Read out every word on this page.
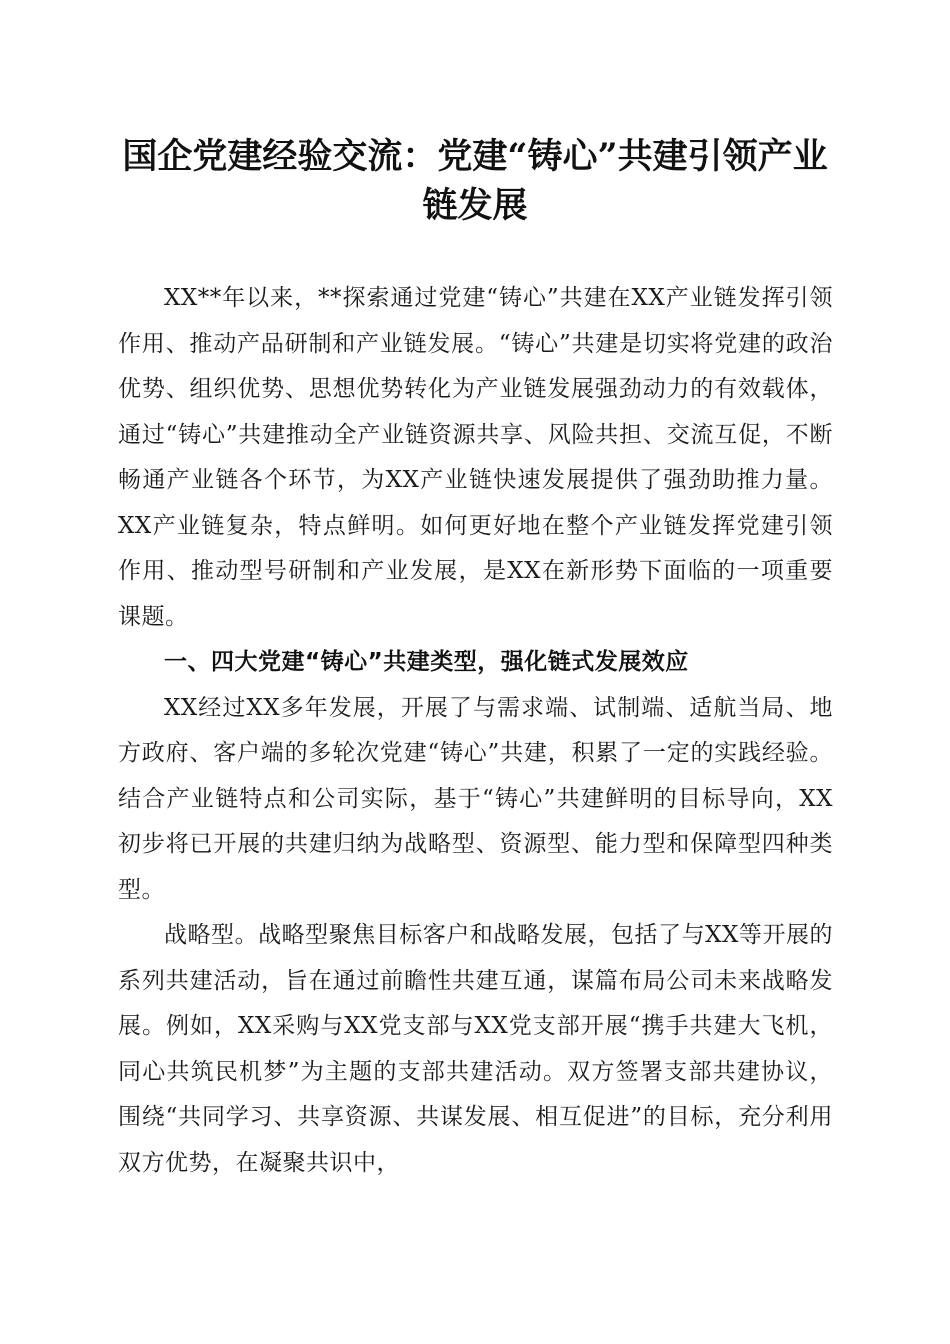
国企党建经验交流：党建“铸心”共建引领产业链发展

XX**年以来，**探索通过党建“铸心”共建在XX产业链发挥引领作用、推动产品研制和产业链发展。“铸心”共建是切实将党建的政治优势、组织优势、思想优势转化为产业链发展强劲动力的有效载体，通过“铸心”共建推动全产业链资源共享、风险共担、交流互促，不断畅通产业链各个环节，为XX产业链快速发展提供了强劲助推力量。XX产业链复杂，特点鲜明。如何更好地在整个产业链发挥党建引领作用、推动型号研制和产业发展，是XX在新形势下面临的一项重要课题。

一、四大党建“铸心”共建类型，强化链式发展效应

XX经过XX多年发展，开展了与需求端、试制端、适航当局、地方政府、客户端的多轮次党建“铸心”共建，积累了一定的实践经验。结合产业链特点和公司实际，基于“铸心”共建鲜明的目标导向，XX初步将已开展的共建归纳为战略型、资源型、能力型和保障型四种类型。

战略型。战略型聚焦目标客户和战略发展，包括了与XX等开展的系列共建活动，旨在通过前瞻性共建互通，谋篇布局公司未来战略发展。例如，XX采购与XX党支部与XX党支部开展“携手共建大飞机，同心共筑民机梦”为主题的支部共建活动。双方签署支部共建协议，围绕“共同学习、共享资源、共谋发展、相互促进”的目标，充分利用双方优势，在凝聚共识中，
